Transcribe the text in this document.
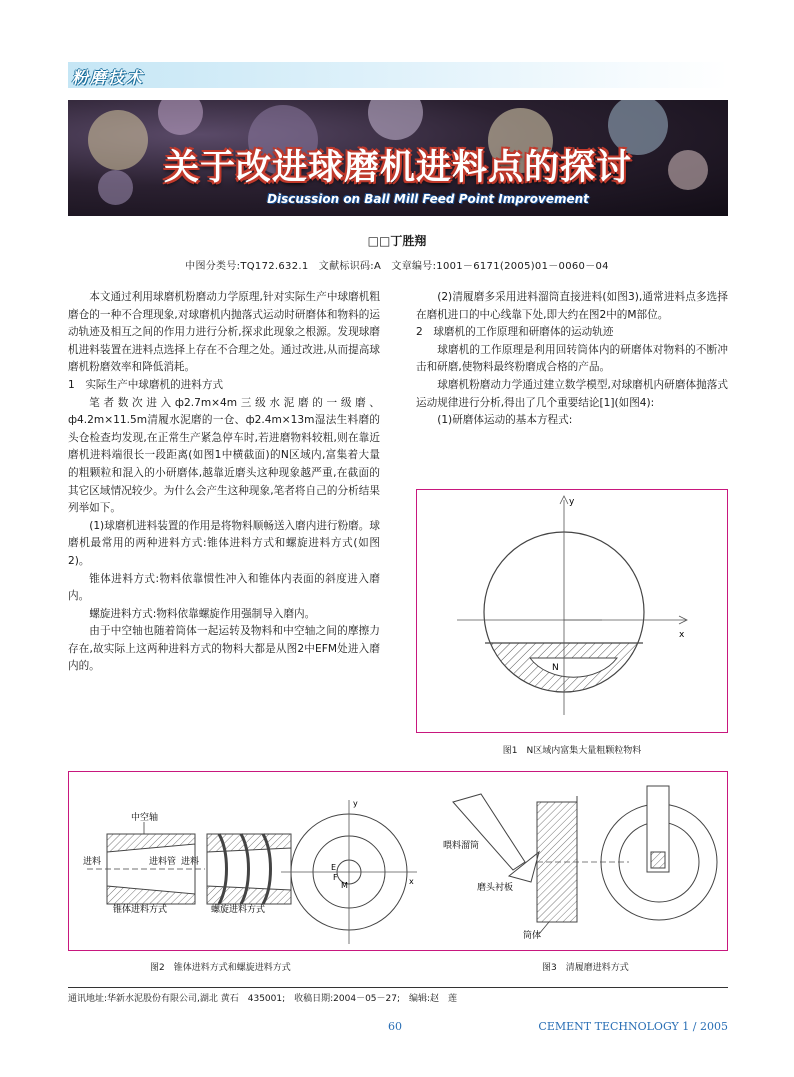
粉磨技术
关于改进球磨机进料点的探讨
Discussion on Ball Mill Feed Point Improvement
□□丁胜翔
中图分类号:TQ172.632.1　文献标识码:A　文章编号:1001－6171(2005)01－0060－04

本文通过利用球磨机粉磨动力学原理,针对实际生产中球磨机粗磨仓的一种不合理现象,对球磨机内抛落式运动时研磨体和物料的运动轨迹及相互之间的作用力进行分析,探求此现象之根源。发现球磨机进料装置在进料点选择上存在不合理之处。通过改进,从而提高球磨机粉磨效率和降低消耗。

1　实际生产中球磨机的进料方式

笔者数次进入ф2.7m×4m三级水泥磨的一级磨、ф4.2m×11.5m清履水泥磨的一仓、ф2.4m×13m湿法生料磨的头仓检查均发现,在正常生产紧急停车时,若进磨物料较粗,则在靠近磨机进料端很长一段距离(如图1中横截面)的N区域内,富集着大量的粗颗粒和混入的小研磨体,越靠近磨头这种现象越严重,在截面的其它区域情况较少。为什么会产生这种现象,笔者将自己的分析结果列举如下。

(1)球磨机进料装置的作用是将物料顺畅送入磨内进行粉磨。球磨机最常用的两种进料方式:锥体进料方式和螺旋进料方式(如图2)。

锥体进料方式:物料依靠惯性冲入和锥体内表面的斜度进入磨内。

螺旋进料方式:物料依靠螺旋作用强制导入磨内。

由于中空轴也随着筒体一起运转及物料和中空轴之间的摩擦力存在,故实际上这两种进料方式的物料大都是从图2中EFM处进入磨内的。

(2)清履磨多采用进料溜筒直接进料(如图3),通常进料点多选择在磨机进口的中心线靠下处,即大约在图2中的M部位。

2　球磨机的工作原理和研磨体的运动轨迹

球磨机的工作原理是利用回转筒体内的研磨体对物料的不断冲击和研磨,使物料最终粉磨成合格的产品。

球磨机粉磨动力学通过建立数学模型,对球磨机内研磨体抛落式运动规律进行分析,得出了几个重要结论[1](如图4):

(1)研磨体运动的基本方程式:

y
x
N
图1　N区域内富集大量粗颗粒物料
中空轴
进料	进料管
锥体进料方式
进料
螺旋进料方式
y
x
E
F
M
喂料溜筒
磨头衬板
筒体
图2　锥体进料方式和螺旋进料方式	图3　清履磨进料方式
通讯地址:华新水泥股份有限公司,湖北 黄石　435001;　收稿日期:2004－05－27;　编辑:赵　莲
60	CEMENT TECHNOLOGY 1 / 2005
